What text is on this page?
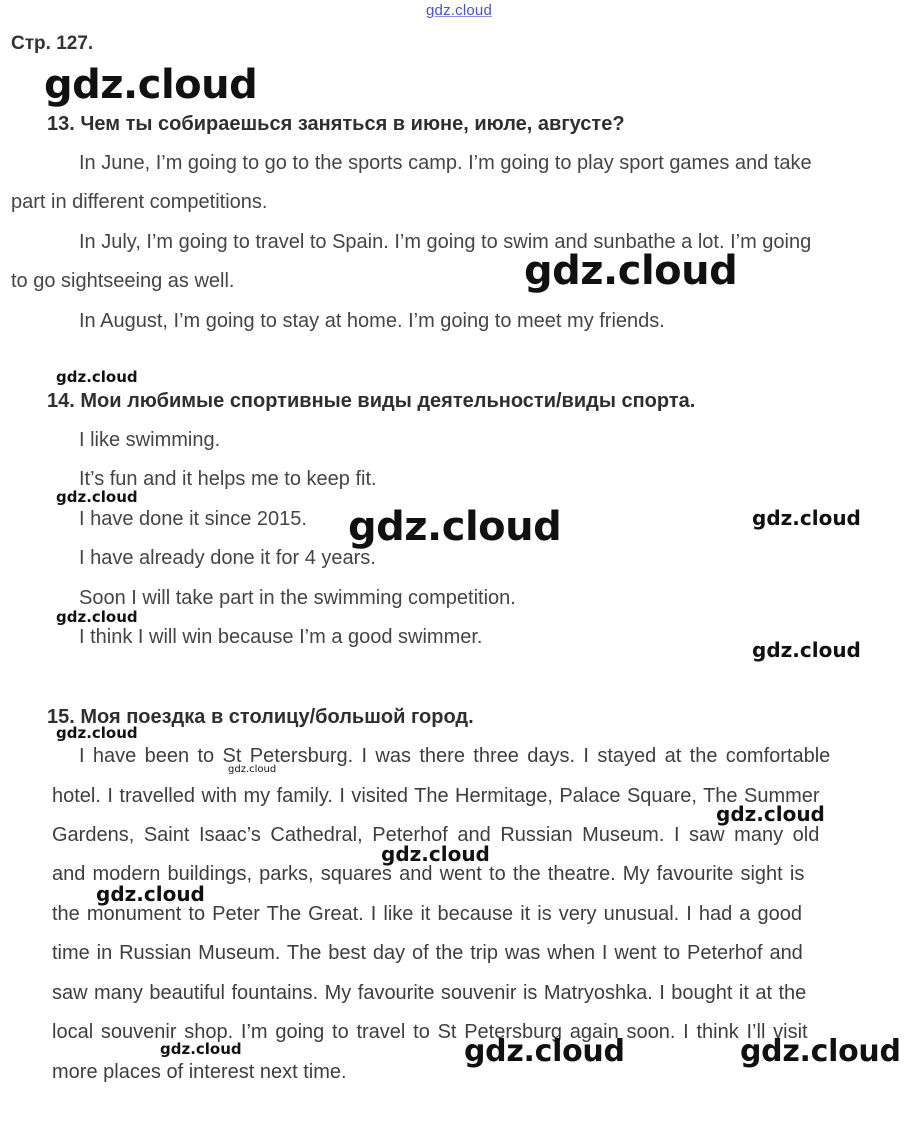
gdz.cloud
Стр. 127.
13. Чем ты собираешься заняться в июне, июле, августе?
In June, I’m going to go to the sports camp. I’m going to play sport games and take
part in different competitions.
In July, I’m going to travel to Spain. I’m going to swim and sunbathe a lot. I’m going
to go sightseeing as well.
In August, I’m going to stay at home. I’m going to meet my friends.
14. Мои любимые спортивные виды деятельности/виды спорта.
I like swimming.
It’s fun and it helps me to keep fit.
I have done it since 2015.
I have already done it for 4 years.
Soon I will take part in the swimming competition.
I think I will win because I’m a good swimmer.
15. Моя поездка в столицу/большой город.
I have been to St Petersburg. I was there three days. I stayed at the comfortable
hotel. I travelled with my family. I visited The Hermitage, Palace Square, The Summer
Gardens, Saint Isaac’s Cathedral, Peterhof and Russian Museum. I saw many old
and modern buildings, parks, squares and went to the theatre. My favourite sight is
the monument to Peter The Great. I like it because it is very unusual. I had a good
time in Russian Museum. The best day of the trip was when I went to Peterhof and
saw many beautiful fountains. My favourite souvenir is Matryoshka. I bought it at the
local souvenir shop. I’m going to travel to St Petersburg again soon. I think I’ll visit
more places of interest next time.
gdz.cloud
gdz.cloud
gdz.cloud
gdz.cloud
gdz.cloud	gdz.cloud
gdz.cloud
gdz.cloud
gdz.cloud
gdz.cloud
gdz.cloud
gdz.cloud
gdz.cloud
gdz.cloud	gdz.cloud	gdz.cloud
